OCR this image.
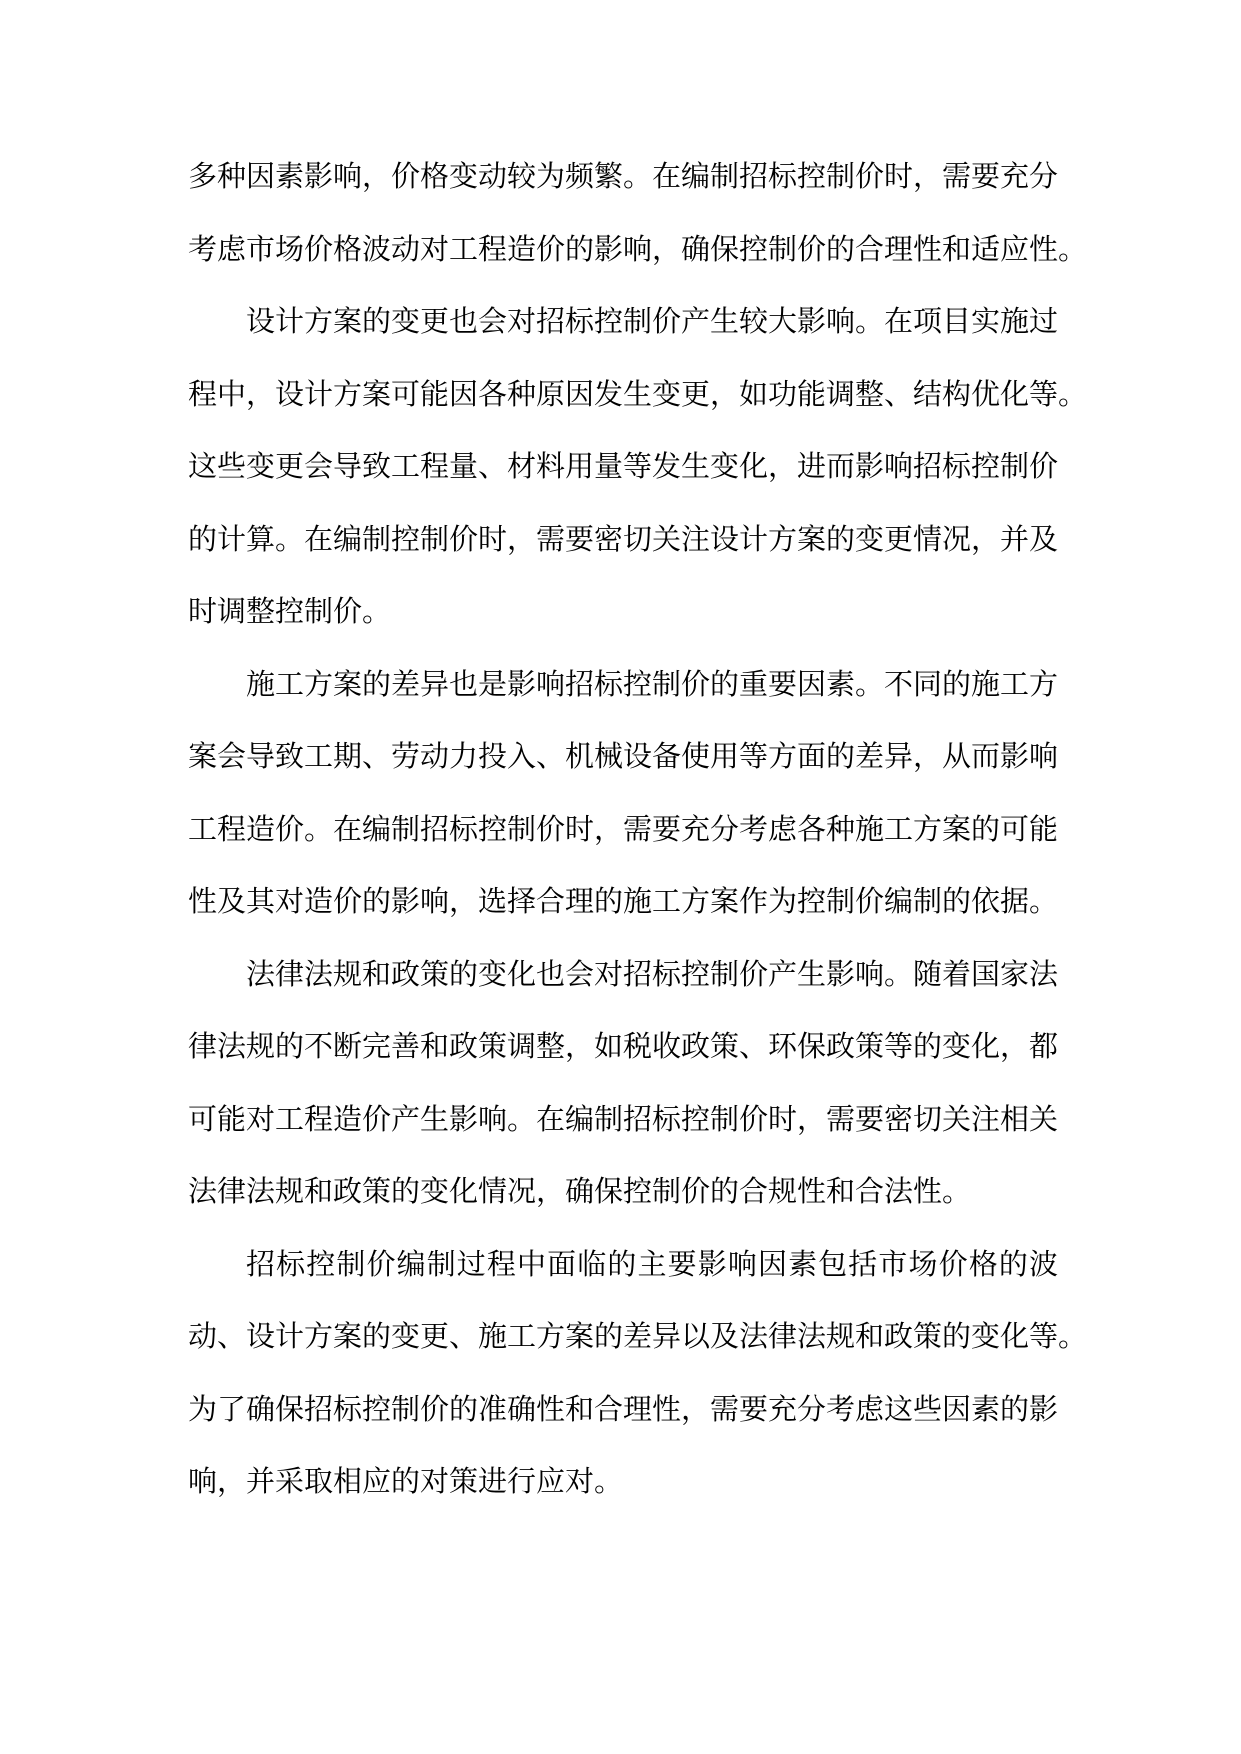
多种因素影响，价格变动较为频繁。在编制招标控制价时，需要充分
考虑市场价格波动对工程造价的影响，确保控制价的合理性和适应性。
设计方案的变更也会对招标控制价产生较大影响。在项目实施过
程中，设计方案可能因各种原因发生变更，如功能调整、结构优化等。
这些变更会导致工程量、材料用量等发生变化，进而影响招标控制价
的计算。在编制控制价时，需要密切关注设计方案的变更情况，并及
时调整控制价。
施工方案的差异也是影响招标控制价的重要因素。不同的施工方
案会导致工期、劳动力投入、机械设备使用等方面的差异，从而影响
工程造价。在编制招标控制价时，需要充分考虑各种施工方案的可能
性及其对造价的影响，选择合理的施工方案作为控制价编制的依据。
法律法规和政策的变化也会对招标控制价产生影响。随着国家法
律法规的不断完善和政策调整，如税收政策、环保政策等的变化，都
可能对工程造价产生影响。在编制招标控制价时，需要密切关注相关
法律法规和政策的变化情况，确保控制价的合规性和合法性。
招标控制价编制过程中面临的主要影响因素包括市场价格的波
动、设计方案的变更、施工方案的差异以及法律法规和政策的变化等。
为了确保招标控制价的准确性和合理性，需要充分考虑这些因素的影
响，并采取相应的对策进行应对。
